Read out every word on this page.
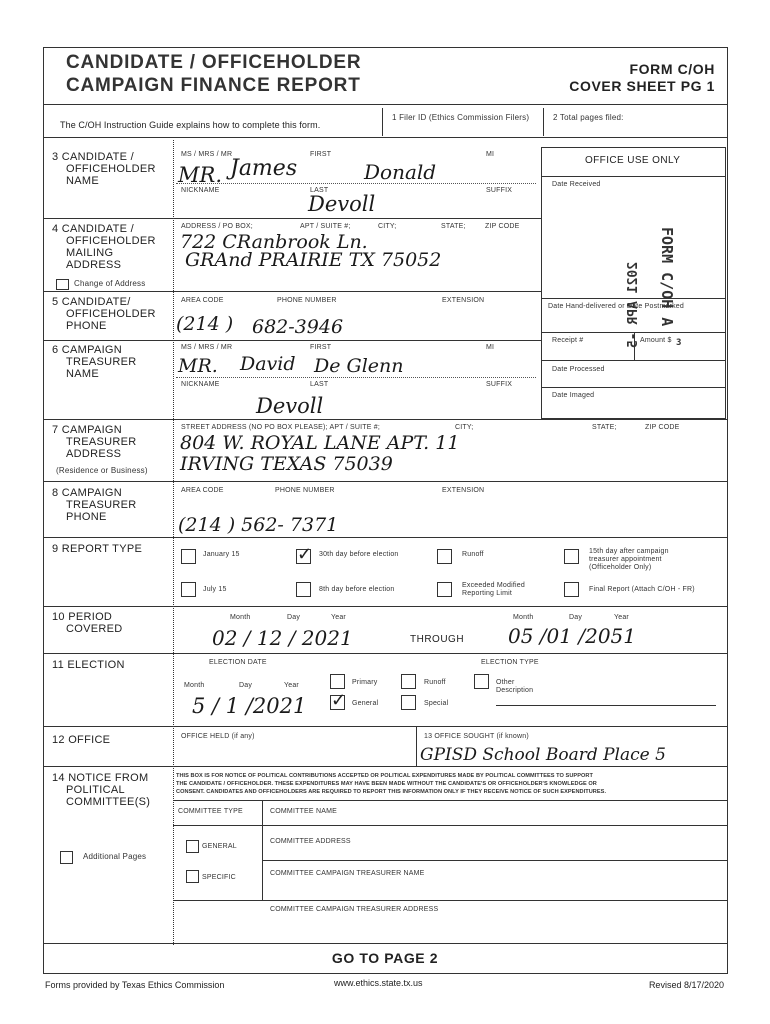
CANDIDATE / OFFICEHOLDER
CAMPAIGN FINANCE REPORT
FORM C/OH
COVER SHEET PG 1
The C/OH Instruction Guide explains how to complete this form.
1 Filer ID (Ethics Commission Filers)	2 Total pages filed:
OFFICE USE ONLY
Date Received
Date Hand-delivered or Date Postmarked
Receipt #	Amount $
Date Processed
Date Imaged
2021 APR -5 FORM C/OH A
3
3 CANDIDATE /
OFFICEHOLDER
NAME
MS / MRS / MR	FIRST	MI
MR. James	Donald
NICKNAME	LAST	SUFFIX
Devoll
4 CANDIDATE /
OFFICEHOLDER
MAILING
ADDRESS
Change of Address
ADDRESS / PO BOX;	APT / SUITE #;	CITY;	STATE;	ZIP CODE
722 CRanbrook Ln.
GRAnd PRAIRIE TX 75052
5 CANDIDATE/
OFFICEHOLDER
PHONE
AREA CODE	PHONE NUMBER	EXTENSION
(214 ) 682-3946
6 CAMPAIGN
TREASURER
NAME
MS / MRS / MR	FIRST	MI
MR. David De Glenn
NICKNAME	LAST	SUFFIX
Devoll
7 CAMPAIGN
TREASURER
ADDRESS
(Residence or Business)
STREET ADDRESS (NO PO BOX PLEASE); APT / SUITE #;	CITY;	STATE;	ZIP CODE
804 W. ROYAL LANE APT. 11
IRVING TEXAS 75039
8 CAMPAIGN
TREASURER
PHONE
AREA CODE	PHONE NUMBER	EXTENSION
(214 ) 562- 7371
9 REPORT TYPE	January 15
✓	30th day before election	Runoff	15th day after campaign
treasurer appointment
(Officeholder Only)
July 15	8th day before election
Exceeded Modified
Reporting Limit
Final Report (Attach C/OH - FR)
10 PERIOD
COVERED
Month	Day	Year	Month	Day	Year
02 / 12 / 2021	THROUGH 05 /01 /2051
11 ELECTION	ELECTION DATE	ELECTION TYPE
Month	Day	Year
5 / 1 /2021
Primary	Runoff	Other
Description
✓
General	Special
12 OFFICE	OFFICE HELD (if any)	13 OFFICE SOUGHT (if known)
GPISD School Board Place 5
14 NOTICE FROM
POLITICAL
COMMITTEE(S)
THIS BOX IS FOR NOTICE OF POLITICAL CONTRIBUTIONS ACCEPTED OR POLITICAL EXPENDITURES MADE BY POLITICAL COMMITTEES TO SUPPORT
THE CANDIDATE / OFFICEHOLDER. THESE EXPENDITURES MAY HAVE BEEN MADE WITHOUT THE CANDIDATE'S OR OFFICEHOLDER'S KNOWLEDGE OR
CONSENT. CANDIDATES AND OFFICEHOLDERS ARE REQUIRED TO REPORT THIS INFORMATION ONLY IF THEY RECEIVE NOTICE OF SUCH EXPENDITURES.
COMMITTEE TYPE	COMMITTEE NAME
GENERAL
COMMITTEE ADDRESS
SPECIFIC
COMMITTEE CAMPAIGN TREASURER NAME
COMMITTEE CAMPAIGN TREASURER ADDRESS
Additional Pages
GO TO PAGE 2
Forms provided by Texas Ethics Commission	www.ethics.state.tx.us	Revised 8/17/2020
